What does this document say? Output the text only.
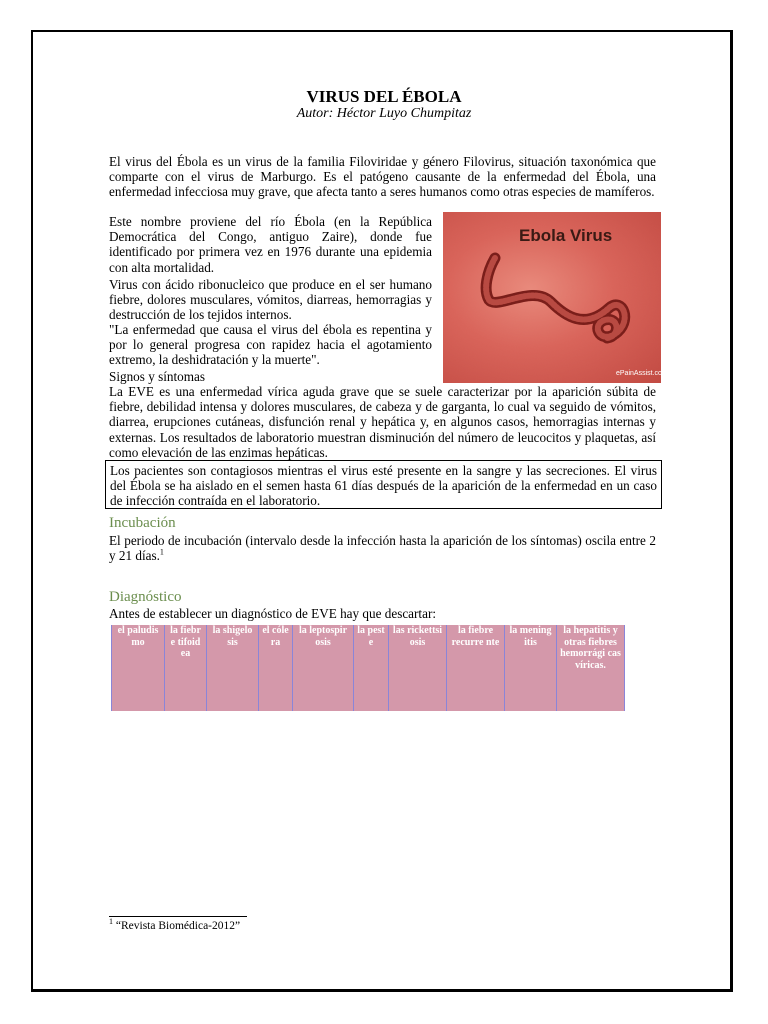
VIRUS DEL ÉBOLA
Autor: Héctor Luyo Chumpitaz

El virus del Ébola es un virus de la familia Filoviridae y género Filovirus, situación taxonómica que comparte con el virus de Marburgo. Es el patógeno causante de la enfermedad del Ébola, una enfermedad infecciosa muy grave, que afecta tanto a seres humanos como otras especies de mamíferos.

Este nombre proviene del río Ébola (en la República Democrática del Congo, antiguo Zaire), donde fue identificado por primera vez en 1976 durante una epidemia con alta mortalidad.

Virus con ácido ribonucleico que produce en el ser humano fiebre, dolores musculares, vómitos, diarreas, hemorragias y destrucción de los tejidos internos.

"La enfermedad que causa el virus del ébola es repentina y por lo general progresa con rapidez hacia el agotamiento extremo, la deshidratación y la muerte".

Signos y síntomas

La EVE es una enfermedad vírica aguda grave que se suele caracterizar por la aparición súbita de fiebre, debilidad intensa y dolores musculares, de cabeza y de garganta, lo cual va seguido de vómitos, diarrea, erupciones cutáneas, disfunción renal y hepática y, en algunos casos, hemorragias internas y externas. Los resultados de laboratorio muestran disminución del número de leucocitos y plaquetas, así como elevación de las enzimas hepáticas.

Ebola Virus
ePainAssist.com
Los pacientes son contagiosos mientras el virus esté presente en la sangre y las secreciones. El virus del Ébola se ha aislado en el semen hasta 61 días después de la aparición de la enfermedad en un caso de infección contraída en el laboratorio.
Incubación

El periodo de incubación (intervalo desde la infección hasta la aparición de los síntomas) oscila entre 2 y 21 días.$^1$

Diagnóstico

Antes de establecer un diagnóstico de EVE hay que descartar:

el paludis mo	la fiebr e tifoid ea	la shigelo sis	el cóle ra	la leptospir osis	la pest e	las rickettsi osis	la fiebre recurre nte	la mening itis	la hepatitis y otras fiebres hemorrági cas víricas.
$^1$ “Revista Biomédica-2012”
